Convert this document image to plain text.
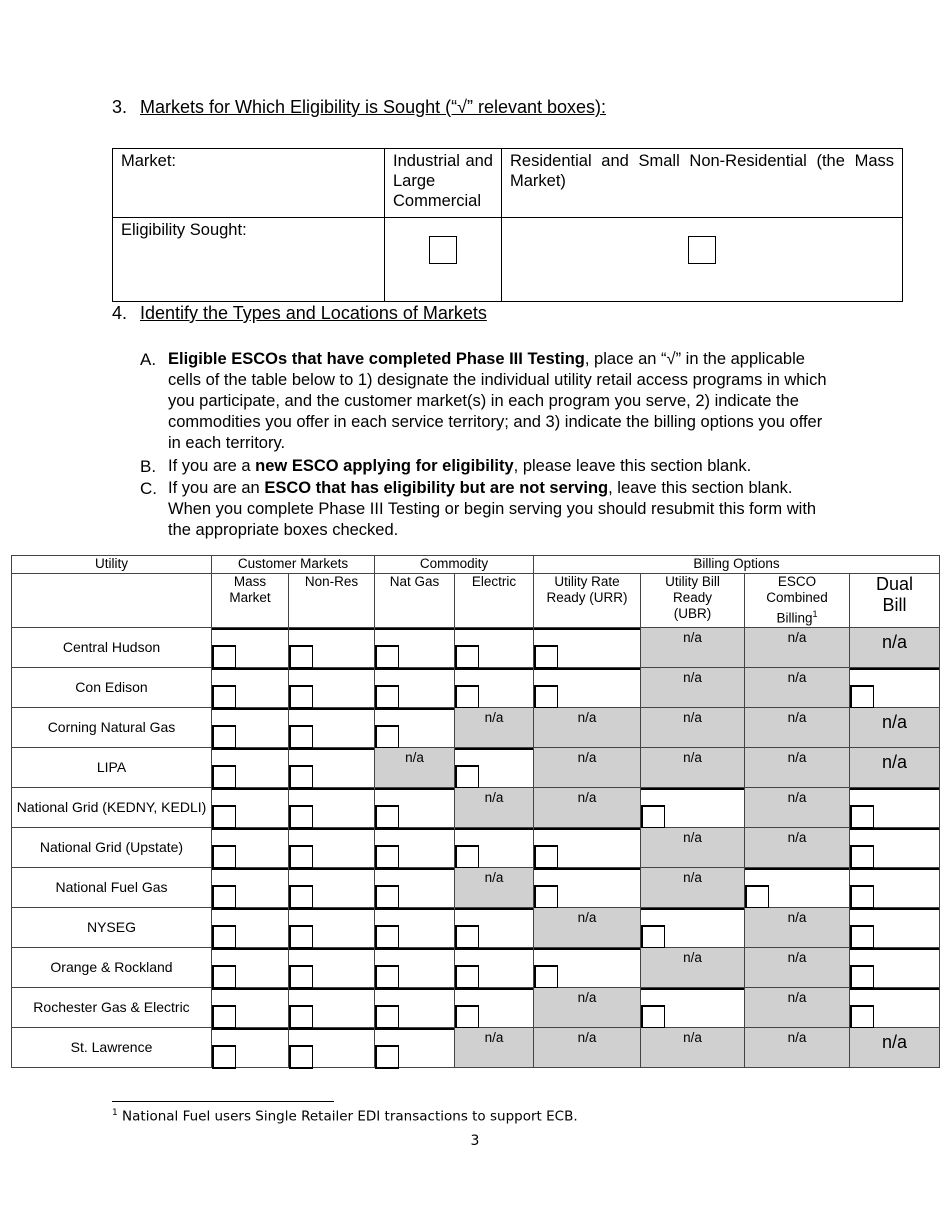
3. Markets for Which Eligibility is Sought (“√” relevant boxes):
Market:	Industrial and Large Commercial	Residential and Small Non-Residential (the Mass Market)
Eligibility Sought:	

4. Identify the Types and Locations of Markets
A. Eligible ESCOs that have completed Phase III Testing, place an “√” in the applicable cells of the table below to 1) designate the individual utility retail access programs in which you participate, and the customer market(s) in each program you serve, 2) indicate the commodities you offer in each service territory; and 3) indicate the billing options you offer in each territory.
B. If you are a new ESCO applying for eligibility, please leave this section blank.
C. If you are an ESCO that has eligibility but are not serving, leave this section blank. When you complete Phase III Testing or begin serving you should resubmit this form with the appropriate boxes checked.
Utility	Customer Markets		Commodity		Billing Options			
	Mass Market	Non-Res	Nat Gas	Electric	Utility Rate Ready (URR)	Utility Bill Ready (UBR)	ESCO Combined Billing$^1$	Dual Bill
Central Hudson						n/a	n/a	n/a

Con Edison						n/a	n/a	

Corning Natural Gas				n/a	n/a	n/a	n/a	n/a

LIPA			n/a		n/a	n/a	n/a	n/a

National Grid (KEDNY, KEDLI)				n/a	n/a		n/a	

National Grid (Upstate)						n/a	n/a	

National Fuel Gas				n/a		n/a		

NYSEG					n/a		n/a	

Orange & Rockland						n/a	n/a	

Rochester Gas & Electric					n/a		n/a	

St. Lawrence				n/a	n/a	n/a	n/a	n/a
$^1$ National Fuel users Single Retailer EDI transactions to support ECB.
3
